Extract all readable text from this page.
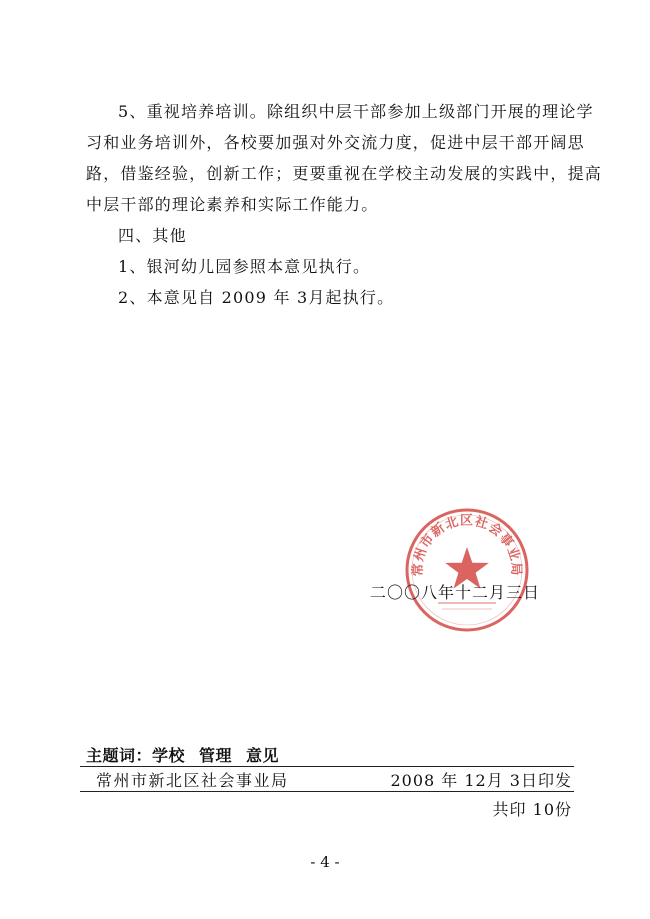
5、重视培养培训。除组织中层干部参加上级部门开展的理论学习和业务培训外，各校要加强对外交流力度，促进中层干部开阔思路，借鉴经验，创新工作；更要重视在学校主动发展的实践中，提高中层干部的理论素养和实际工作能力。

四、其他

1、银河幼儿园参照本意见执行。

2、本意见自 2009 年 3月起执行。

常州市新北区社会事业局
二〇〇八年十二月三日
主题词：学校 管理 意见
常州市新北区社会事业局	2008 年 12月 3日印发
共印 10份
- 4 -
